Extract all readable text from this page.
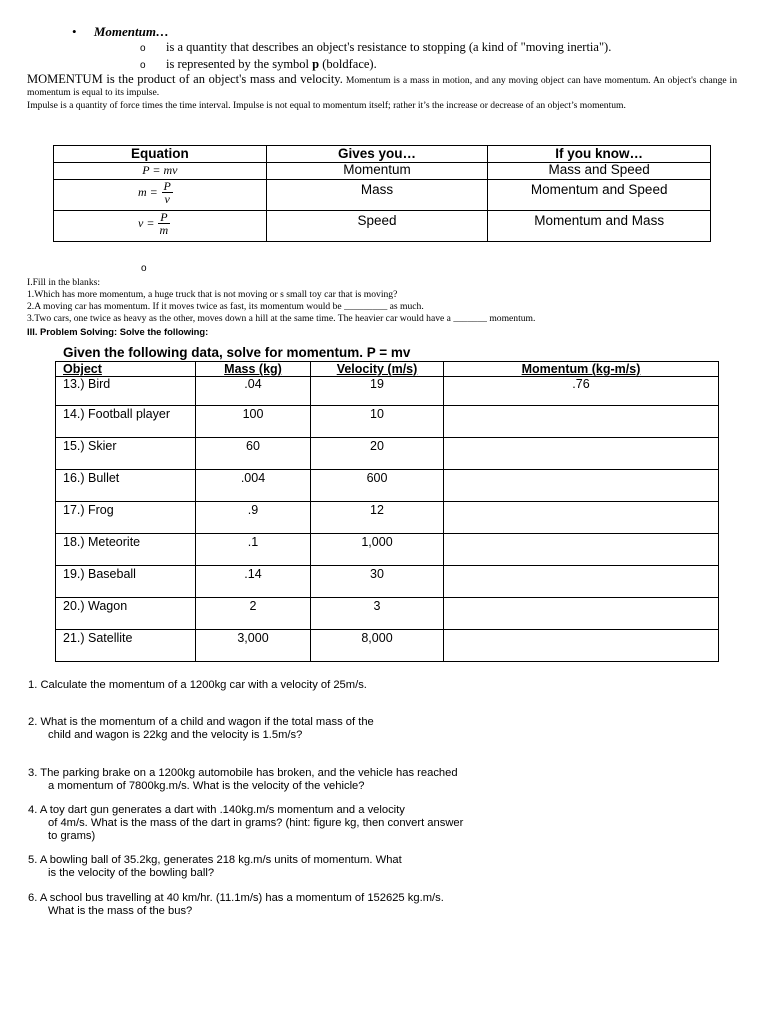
• Momentum…
o is a quantity that describes an object's resistance to stopping (a kind of "moving inertia").
o is represented by the symbol p (boldface).
MOMENTUM is the product of an object's mass and velocity. Momentum is a mass in motion, and any moving object can have momentum. An object's change in momentum is equal to its impulse.
Impulse is a quantity of force times the time interval. Impulse is not equal to momentum itself; rather it’s the increase or decrease of an object’s momentum.
Equation	Gives you…	If you know…
P = mv	Momentum	Mass and Speed
$m = \frac{P}{v}$	Mass	Momentum and Speed
$v = \frac{P}{m}$	Speed	Momentum and Mass
o
I.Fill in the blanks:
1.Which has more momentum, a huge truck that is not moving or s small toy car that is moving?
2.A moving car has momentum. If it moves twice as fast, its momentum would be _________ as much.
3.Two cars, one twice as heavy as the other, moves down a hill at the same time. The heavier car would have a _______ momentum.
III. Problem Solving: Solve the following:
Given the following data, solve for momentum. P = mv
Object	Mass (kg)	Velocity (m/s)	Momentum (kg-m/s)
13.) Bird	.04	19	.76
14.) Football player	100	10	
15.) Skier	60	20	
16.) Bullet	.004	600	
17.) Frog	.9	12	
18.) Meteorite	.1	1,000	
19.) Baseball	.14	30	
20.) Wagon	2	3	
21.) Satellite	3,000	8,000	
1. Calculate the momentum of a 1200kg car with a velocity of 25m/s.
2. What is the momentum of a child and wagon if the total mass of the
child and wagon is 22kg and the velocity is 1.5m/s?
3. The parking brake on a 1200kg automobile has broken, and the vehicle has reached
a momentum of 7800kg.m/s. What is the velocity of the vehicle?
4. A toy dart gun generates a dart with .140kg.m/s momentum and a velocity
of 4m/s. What is the mass of the dart in grams? (hint: figure kg, then convert answer
to grams)
5. A bowling ball of 35.2kg, generates 218 kg.m/s units of momentum. What
is the velocity of the bowling ball?
6. A school bus travelling at 40 km/hr. (11.1m/s) has a momentum of 152625 kg.m/s.
What is the mass of the bus?
